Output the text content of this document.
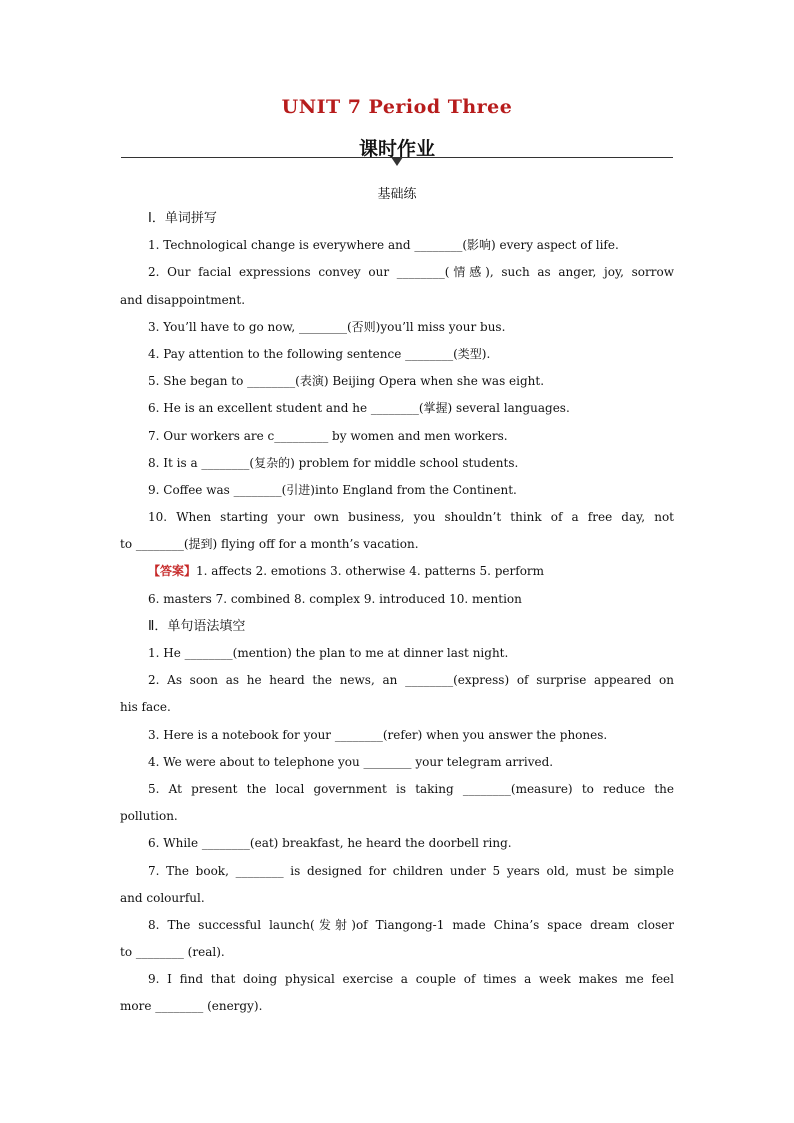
UNIT 7 Period Three
课时作业
基础练
Ⅰ．单词拼写
1. Technological change is everywhere and ________(影响) every aspect of life.
2. Our facial expressions convey our ________(情感), such as anger, joy, sorrow
and disappointment.
3. You’ll have to go now, ________(否则)you’ll miss your bus.
4. Pay attention to the following sentence ________(类型).
5. She began to ________(表演) Beijing Opera when she was eight.
6. He is an excellent student and he ________(掌握) several languages.
7. Our workers are c_________ by women and men workers.
8. It is a ________(复杂的) problem for middle school students.
9. Coffee was ________(引进)into England from the Continent.
10. When starting your own business, you shouldn’t think of a free day, not
to ________(提到) flying off for a month’s vacation.
【答案】1. affects 2. emotions 3. otherwise 4. patterns 5. perform
6. masters 7. combined 8. complex 9. introduced 10. mention
Ⅱ．单句语法填空
1. He ________(mention) the plan to me at dinner last night.
2. As soon as he heard the news, an ________(express) of surprise appeared on
his face.
3. Here is a notebook for your ________(refer) when you answer the phones.
4. We were about to telephone you ________ your telegram arrived.
5. At present the local government is taking ________(measure) to reduce the
pollution.
6. While ________(eat) breakfast, he heard the doorbell ring.
7. The book, ________ is designed for children under 5 years old, must be simple
and colourful.
8. The successful launch(发射)of Tiangong-1 made China’s space dream closer
to ________ (real).
9. I find that doing physical exercise a couple of times a week makes me feel
more ________ (energy).
